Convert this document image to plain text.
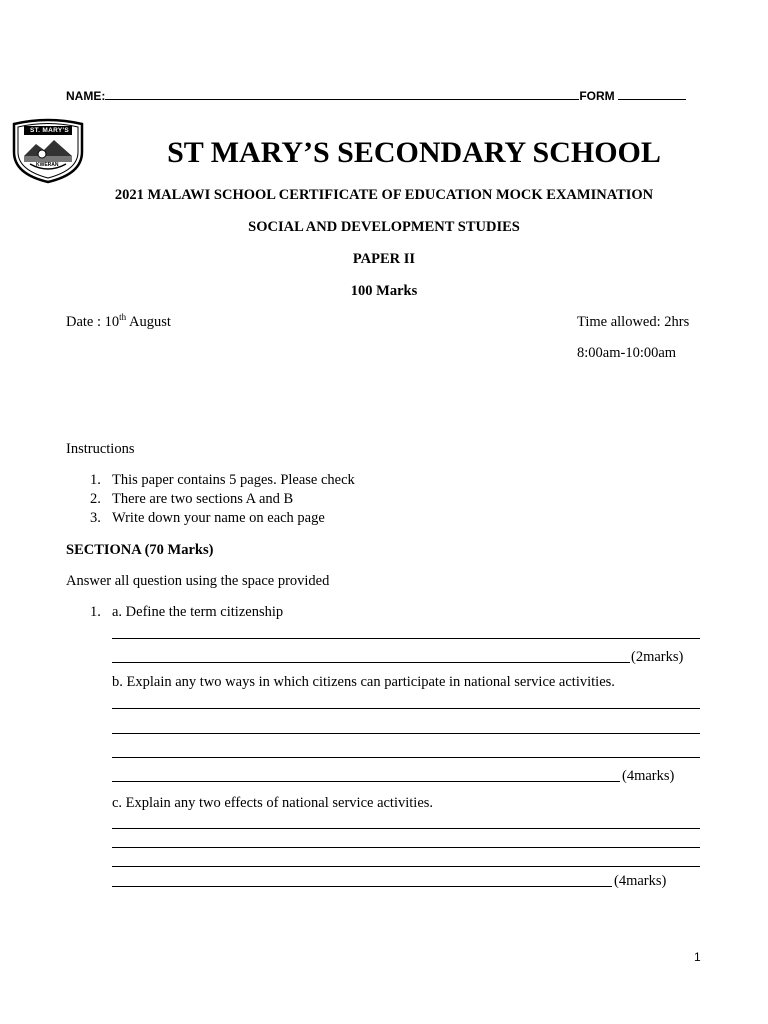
NAME:	FORM
ST. MARY'S
KWERAN	ST MARY’S SECONDARY SCHOOL
2021 MALAWI SCHOOL CERTIFICATE OF EDUCATION MOCK EXAMINATION
SOCIAL AND DEVELOPMENT STUDIES
PAPER II
100 Marks
Date : 10th August	Time allowed: 2hrs
8:00am-10:00am
Instructions
1. This paper contains 5 pages. Please check
2. There are two sections A and B
3. Write down your name on each page
SECTIONA (70 Marks)
Answer all question using the space provided
1. a. Define the term citizenship
(2marks)
b. Explain any two ways in which citizens can participate in national service activities.
(4marks)
c. Explain any two effects of national service activities.
(4marks)
1
